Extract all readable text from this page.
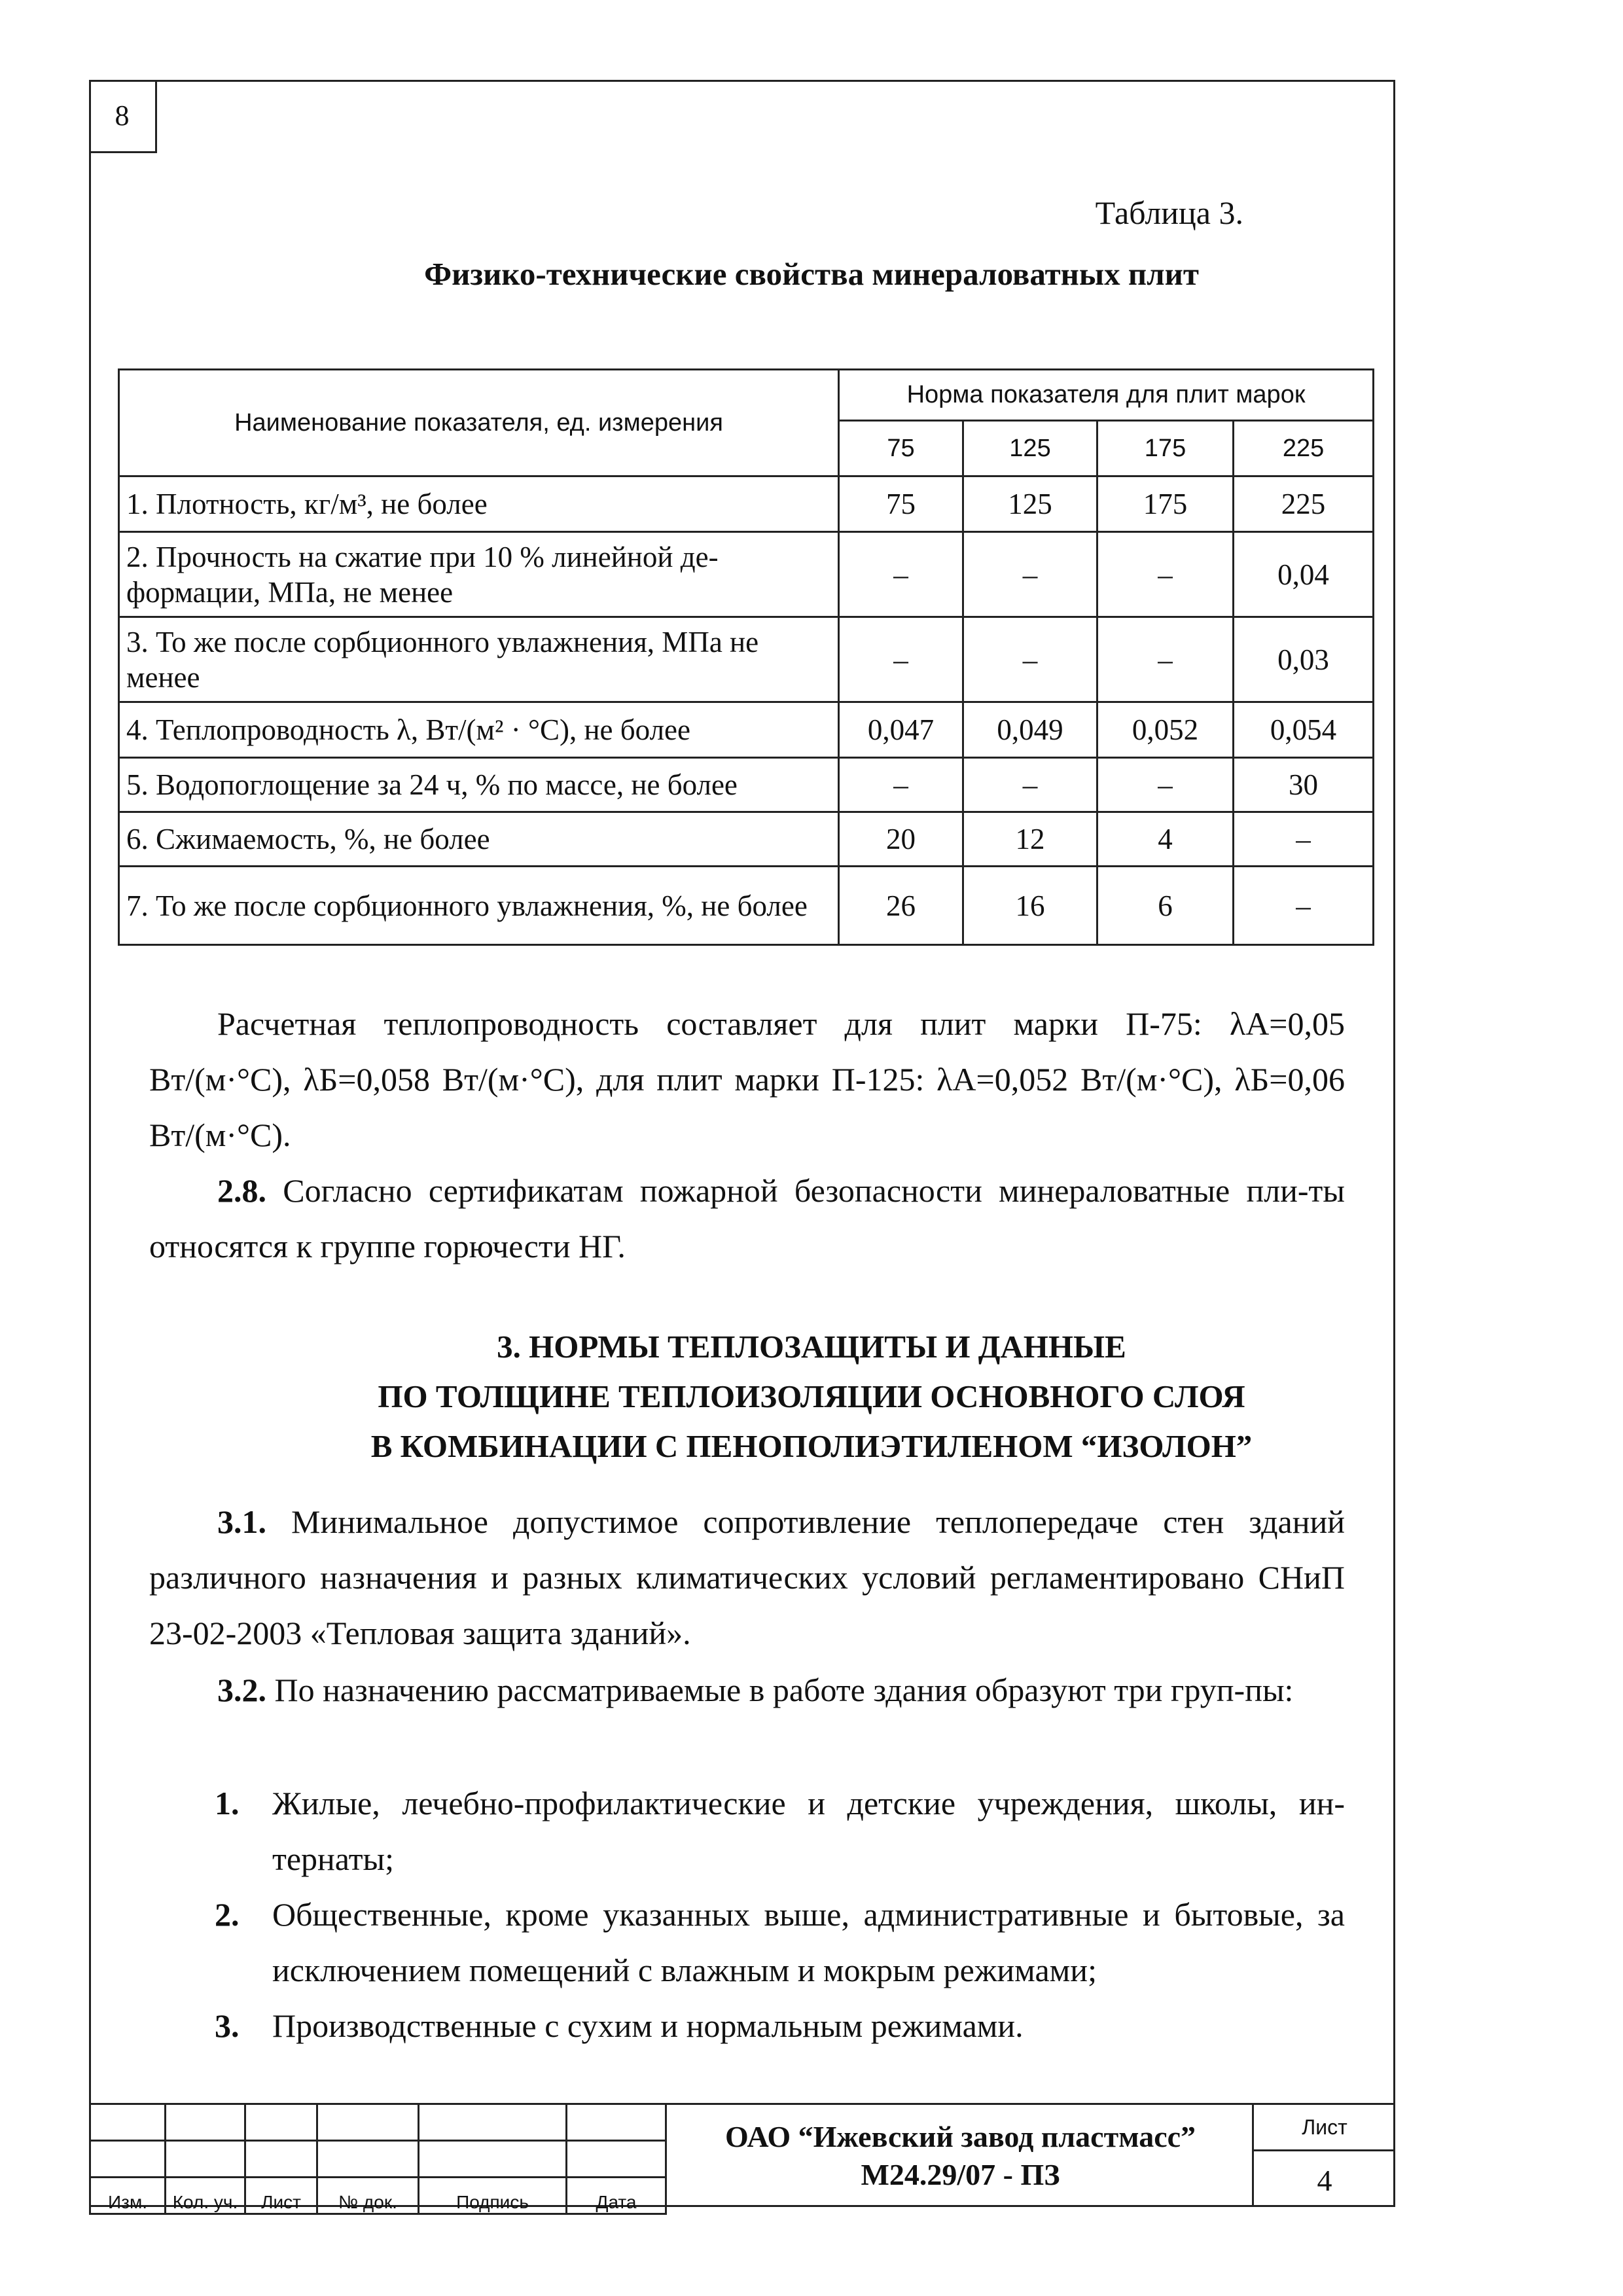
8
Таблица 3.
Физико-технические свойства минераловатных плит
Наименование показателя, ед. измерения	Норма показателя для плит марок			
	75	125	175	225
1. Плотность, кг/м³, не более	75	125	175	225
2. Прочность на сжатие при 10 % линейной де-формации, МПа, не менее	–	–	–	0,04
3. То же после сорбционного увлажнения, МПа не менее	–	–	–	0,03
4. Теплопроводность λ, Вт/(м² · °С), не более	0,047	0,049	0,052	0,054
5. Водопоглощение за 24 ч, % по массе, не более	–	–	–	30
6. Сжимаемость, %, не более	20	12	4	–
7. То же после сорбционного увлажнения, %, не более	26	16	6	–
Расчетная теплопроводность составляет для плит марки П-75: λА=0,05 Вт/(м·°С), λБ=0,058 Вт/(м·°С), для плит марки П-125: λА=0,052 Вт/(м·°С), λБ=0,06 Вт/(м·°С).
2.8. Согласно сертификатам пожарной безопасности минераловатные пли-ты относятся к группе горючести НГ.
3. НОРМЫ ТЕПЛОЗАЩИТЫ И ДАННЫЕ
ПО ТОЛЩИНЕ ТЕПЛОИЗОЛЯЦИИ ОСНОВНОГО СЛОЯ
В КОМБИНАЦИИ С ПЕНОПОЛИЭТИЛЕНОМ “ИЗОЛОН”
3.1. Минимальное допустимое сопротивление теплопередаче стен зданий различного назначения и разных климатических условий регламентировано СНиП 23-02-2003 «Тепловая защита зданий».
3.2. По назначению рассматриваемые в работе здания образуют три груп-пы:
1. Жилые, лечебно-профилактические и детские учреждения, школы, ин-тернаты;
2. Общественные, кроме указанных выше, административные и бытовые, за исключением помещений с влажным и мокрым режимами;
3. Производственные с сухим и нормальным режимами.

Изм.	Кол. уч.	Лист	№ док.	Подпись	Дата
ОАО “Ижевский завод пластмасс”
М24.29/07 - ПЗ
Лист
4
